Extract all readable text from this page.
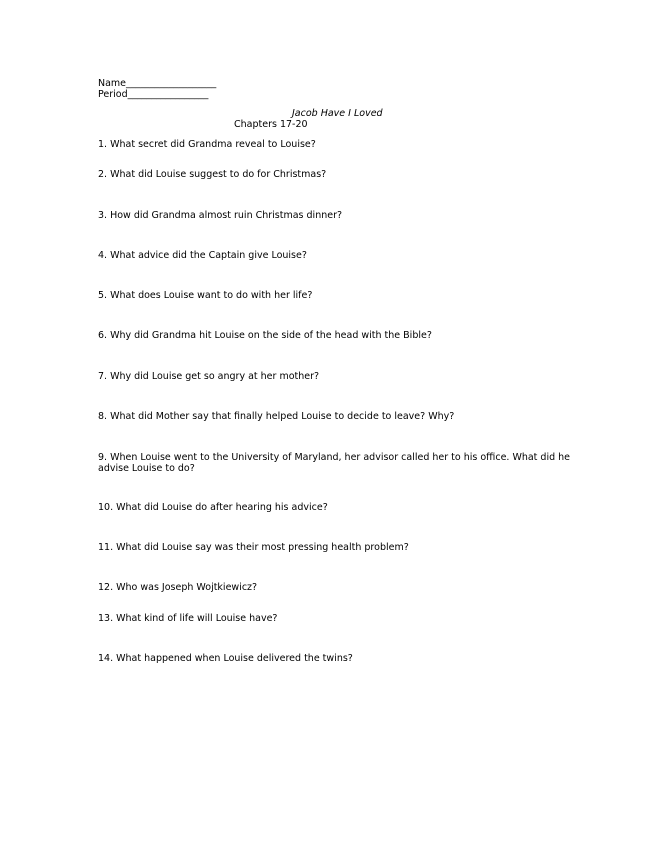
Name___________________
Period_________________
Jacob Have I Loved
Chapters 17-20
1. What secret did Grandma reveal to Louise?
2. What did Louise suggest to do for Christmas?
3. How did Grandma almost ruin Christmas dinner?
4. What advice did the Captain give Louise?
5. What does Louise want to do with her life?
6. Why did Grandma hit Louise on the side of the head with the Bible?
7. Why did Louise get so angry at her mother?
8. What did Mother say that finally helped Louise to decide to leave? Why?
9. When Louise went to the University of Maryland, her advisor called her to his office. What did he advise Louise to do?
10. What did Louise do after hearing his advice?
11. What did Louise say was their most pressing health problem?
12. Who was Joseph Wojtkiewicz?
13. What kind of life will Louise have?
14. What happened when Louise delivered the twins?
